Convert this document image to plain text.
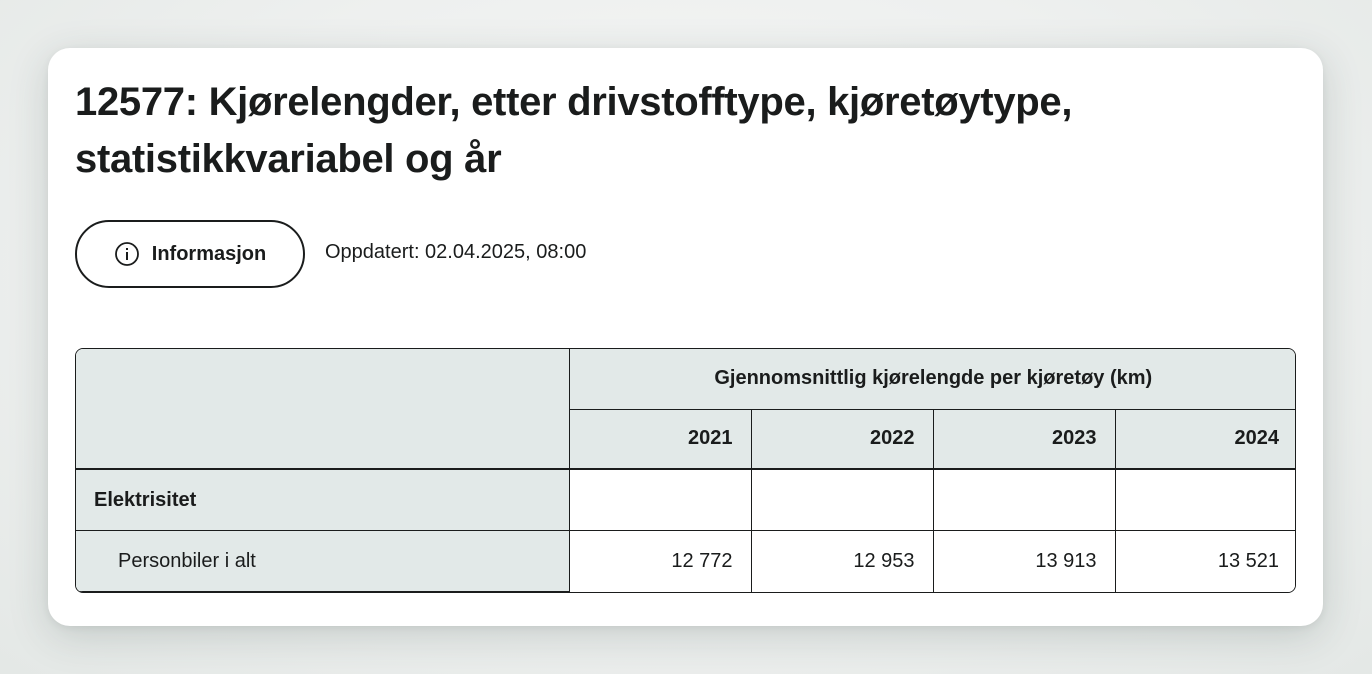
12577: Kjørelengder, etter drivstofftype, kjøretøytype, statistikkvariabel og år
Informasjon	Oppdatert: 02.04.2025, 08:00
	Gjennomsnittlig kjørelengde per kjøretøy (km)			
	2021	2022	2023	2024
Elektrisitet				
Personbiler i alt	12 772	12 953	13 913	13 521
